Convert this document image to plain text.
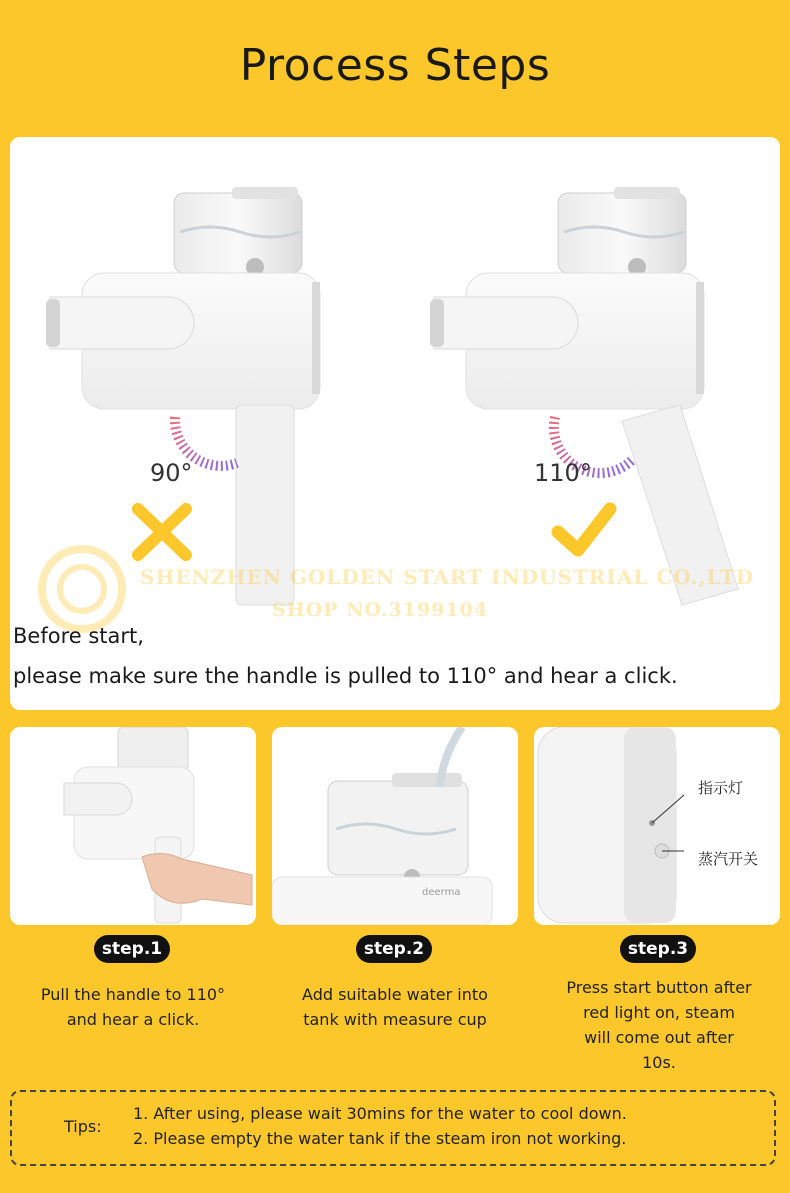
Process Steps
90°	110°
SHENZHEN GOLDEN START INDUSTRIAL CO.,LTD
SHOP NO.3199104
Before start,
please make sure the handle is pulled to 110° and hear a click.
deerma
指示灯
蒸汽开关
step.1	step.2	step.3
Pull the handle to 110°
and hear a click.
Add suitable water into
tank with measure cup
Press start button after
red light on, steam
will come out after
10s.
Tips:
1. After using, please wait 30mins for the water to cool down.
2. Please empty the water tank if the steam iron not working.
